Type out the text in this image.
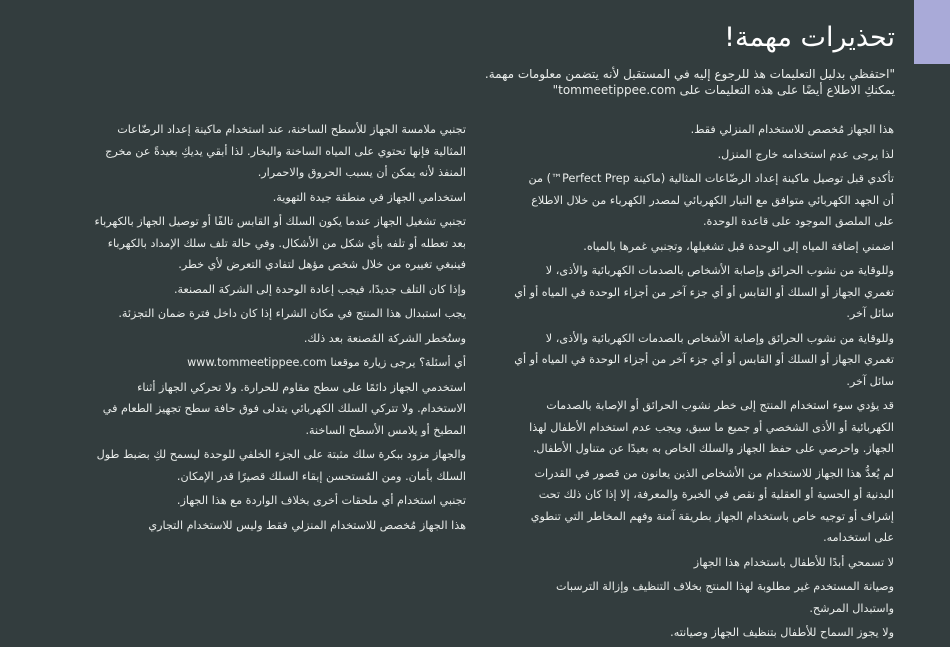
تحذيرات مهمة!

"احتفظي بدليل التعليمات هذ للرجوع إليه في المستقبل لأنه يتضمن معلومات مهمة.

يمكنكِ الاطلاع أيضًا على هذه التعليمات على tommeetippee.com"

هذا الجهاز مُخصص للاستخدام المنزلي فقط.

لذا يرجى عدم استخدامه خارج المنزل.

تأكدي قبل توصيل ماكينة إعداد الرضّاعات المثالية (ماكينة Perfect Prep™) من أن الجهد الكهربائي متوافق مع التيار الكهربائي لمصدر الكهرباء من خلال الاطلاع على الملصق الموجود على قاعدة الوحدة.

اضمني إضافة المياه إلى الوحدة قبل تشغيلها، وتجنبي غمرها بالمياه.

وللوقاية من نشوب الحرائق وإصابة الأشخاص بالصدمات الكهربائية والأذى، لا تغمري الجهاز أو السلك أو القابس أو أي جزء آخر من أجزاء الوحدة في المياه أو أي سائل آخر.

وللوقاية من نشوب الحرائق وإصابة الأشخاص بالصدمات الكهربائية والأذى، لا تغمري الجهاز أو السلك أو القابس أو أي جزء آخر من أجزاء الوحدة في المياه أو أي سائل آخر.

قد يؤدي سوء استخدام المنتج إلى خطر نشوب الحرائق أو الإصابة بالصدمات الكهربائية أو الأذى الشخصي أو جميع ما سبق، ويجب عدم استخدام الأطفال لهذا الجهاز. واحرصي على حفظ الجهاز والسلك الخاص به بعيدًا عن متناول الأطفال.

لم يُعدُّ هذا الجهاز للاستخدام من الأشخاص الذين يعانون من قصور في القدرات البدنية أو الحسية أو العقلية أو نقص في الخبرة والمعرفة، إلا إذا كان ذلك تحت إشراف أو توجيه خاص باستخدام الجهاز بطريقة آمنة وفهم المخاطر التي تنطوي على استخدامه.

لا تسمحي أبدًا للأطفال باستخدام هذا الجهاز

وصيانة المستخدم غير مطلوبة لهذا المنتج بخلاف التنظيف وإزالة الترسبات واستبدال المرشح.

ولا يجوز السماح للأطفال بتنظيف الجهاز وصيانته.

تجنبي ملامسة الجهاز للأسطح الساخنة، عند استخدام ماكينة إعداد الرضّاعات المثالية فإنها تحتوي على المياه الساخنة والبخار. لذا أبقي يديكِ بعيدةً عن مخرج المنفذ لأنه يمكن أن يسبب الحروق والاحمرار.

استخدامي الجهاز في منطقة جيدة التهوية.

تجنبي تشغيل الجهاز عندما يكون السلك أو القابس تالفًا أو توصيل الجهاز بالكهرباء بعد تعطله أو تلفه بأي شكل من الأشكال. وفي حالة تلف سلك الإمداد بالكهرباء فينبغي تغييره من خلال شخص مؤهل لتفادي التعرض لأي خطر.

وإذا كان التلف جديدًا، فيجب إعادة الوحدة إلى الشركة المصنعة.

يجب استبدال هذا المنتج في مكان الشراء إذا كان داخل فترة ضمان التجزئة.

وستُخطر الشركة المُصنعة بعد ذلك.

أي أسئلة؟ يرجى زيارة موقعنا www.tommeetippee.com

استخدمي الجهاز دائمًا على سطح مقاوم للحرارة. ولا تحركي الجهاز أثناء الاستخدام. ولا تتركي السلك الكهربائي يتدلى فوق حافة سطح تجهيز الطعام في المطبخ أو يلامس الأسطح الساخنة.

والجهاز مزود ببكرة سلك مثبتة على الجزء الخلفي للوحدة ليسمح لكِ بضبط طول السلك بأمان. ومن المُستحسن إبقاء السلك قصيرًا قدر الإمكان.

تجنبي استخدام أي ملحقات أخرى بخلاف الواردة مع هذا الجهاز.

هذا الجهاز مُخصص للاستخدام المنزلي فقط وليس للاستخدام التجاري
